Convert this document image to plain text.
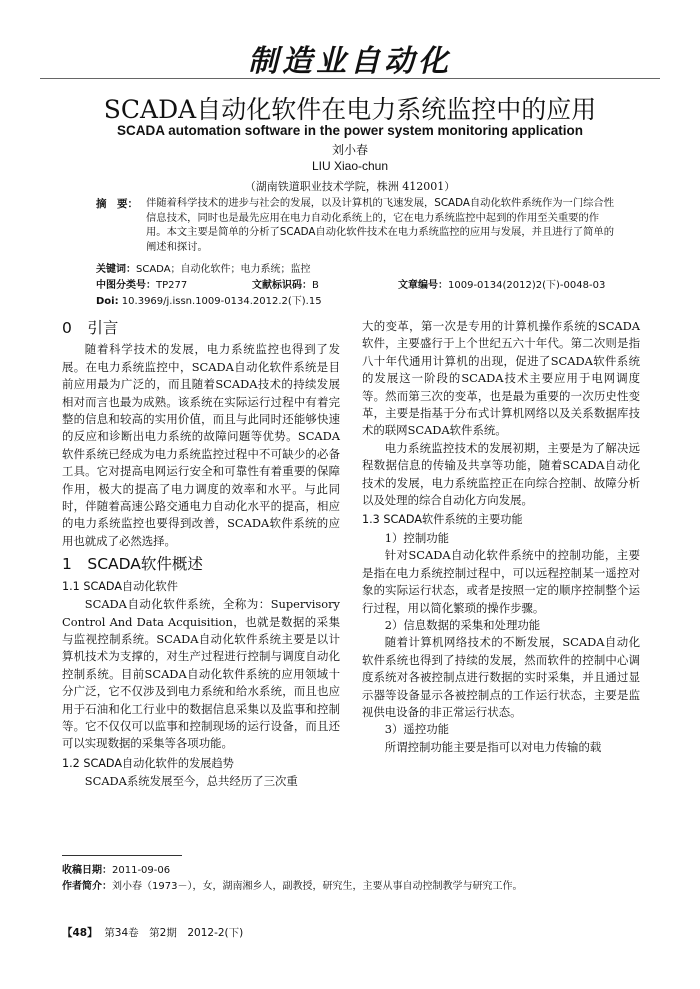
制造业自动化
SCADA自动化软件在电力系统监控中的应用
SCADA automation software in the power system monitoring application
刘小春
LIU Xiao-chun
（湖南铁道职业技术学院，株洲 412001）
摘　要： 伴随着科学技术的进步与社会的发展，以及计算机的飞速发展，SCADA自动化软件系统作为一门综合性信息技术，同时也是最先应用在电力自动化系统上的，它在电力系统监控中起到的作用至关重要的作用。本文主要是简单的分析了SCADA自动化软件技术在电力系统监控的应用与发展，并且进行了简单的阐述和探讨。
关键词：SCADA；自动化软件；电力系统；监控
中图分类号：TP277	文献标识码：B	文章编号：1009-0134(2012)2(下)-0048-03
Doi: 10.3969/j.issn.1009-0134.2012.2(下).15
0　引言

随着科学技术的发展，电力系统监控也得到了发展。在电力系统监控中，SCADA自动化软件系统是目前应用最为广泛的，而且随着SCADA技术的持续发展相对而言也最为成熟。该系统在实际运行过程中有着完整的信息和较高的实用价值，而且与此同时还能够快速的反应和诊断出电力系统的故障问题等优势。SCADA软件系统已经成为电力系统监控过程中不可缺少的必备工具。它对提高电网运行安全和可靠性有着重要的保障作用，极大的提高了电力调度的效率和水平。与此同时，伴随着高速公路交通电力自动化水平的提高，相应的电力系统监控也要得到改善，SCADA软件系统的应用也就成了必然选择。

1　SCADA软件概述
1.1 SCADA自动化软件

SCADA自动化软件系统，全称为：Supervisory Control And Data Acquisition，也就是数据的采集与监视控制系统。SCADA自动化软件系统主要是以计算机技术为支撑的，对生产过程进行控制与调度自动化控制系统。目前SCADA自动化软件系统的应用领域十分广泛，它不仅涉及到电力系统和给水系统，而且也应用于石油和化工行业中的数据信息采集以及监事和控制等。它不仅仅可以监事和控制现场的运行设备，而且还可以实现数据的采集等各项功能。

1.2 SCADA自动化软件的发展趋势

SCADA系统发展至今，总共经历了三次重

大的变革，第一次是专用的计算机操作系统的SCADA软件，主要盛行于上个世纪五六十年代。第二次则是指八十年代通用计算机的出现，促进了SCADA软件系统的发展这一阶段的SCADA技术主要应用于电网调度等。然而第三次的变革，也是最为重要的一次历史性变革，主要是指基于分布式计算机网络以及关系数据库技术的联网SCADA软件系统。

电力系统监控技术的发展初期，主要是为了解决远程数据信息的传输及共享等功能，随着SCADA自动化技术的发展，电力系统监控正在向综合控制、故障分析以及处理的综合自动化方向发展。

1.3 SCADA软件系统的主要功能

1）控制功能

针对SCADA自动化软件系统中的控制功能，主要是指在电力系统控制过程中，可以远程控制某一遥控对象的实际运行状态，或者是按照一定的顺序控制整个运行过程，用以简化繁琐的操作步骤。

2）信息数据的采集和处理功能

随着计算机网络技术的不断发展，SCADA自动化软件系统也得到了持续的发展，然而软件的控制中心调度系统对各被控制点进行数据的实时采集，并且通过显示器等设备显示各被控制点的工作运行状态，主要是监视供电设备的非正常运行状态。

3）遥控功能

所谓控制功能主要是指可以对电力传输的载

收稿日期：2011-09-06
作者简介：刘小春（1973－），女，湖南湘乡人，副教授，研究生，主要从事自动控制教学与研究工作。
【48】 第34卷　第2期　2012-2(下)
